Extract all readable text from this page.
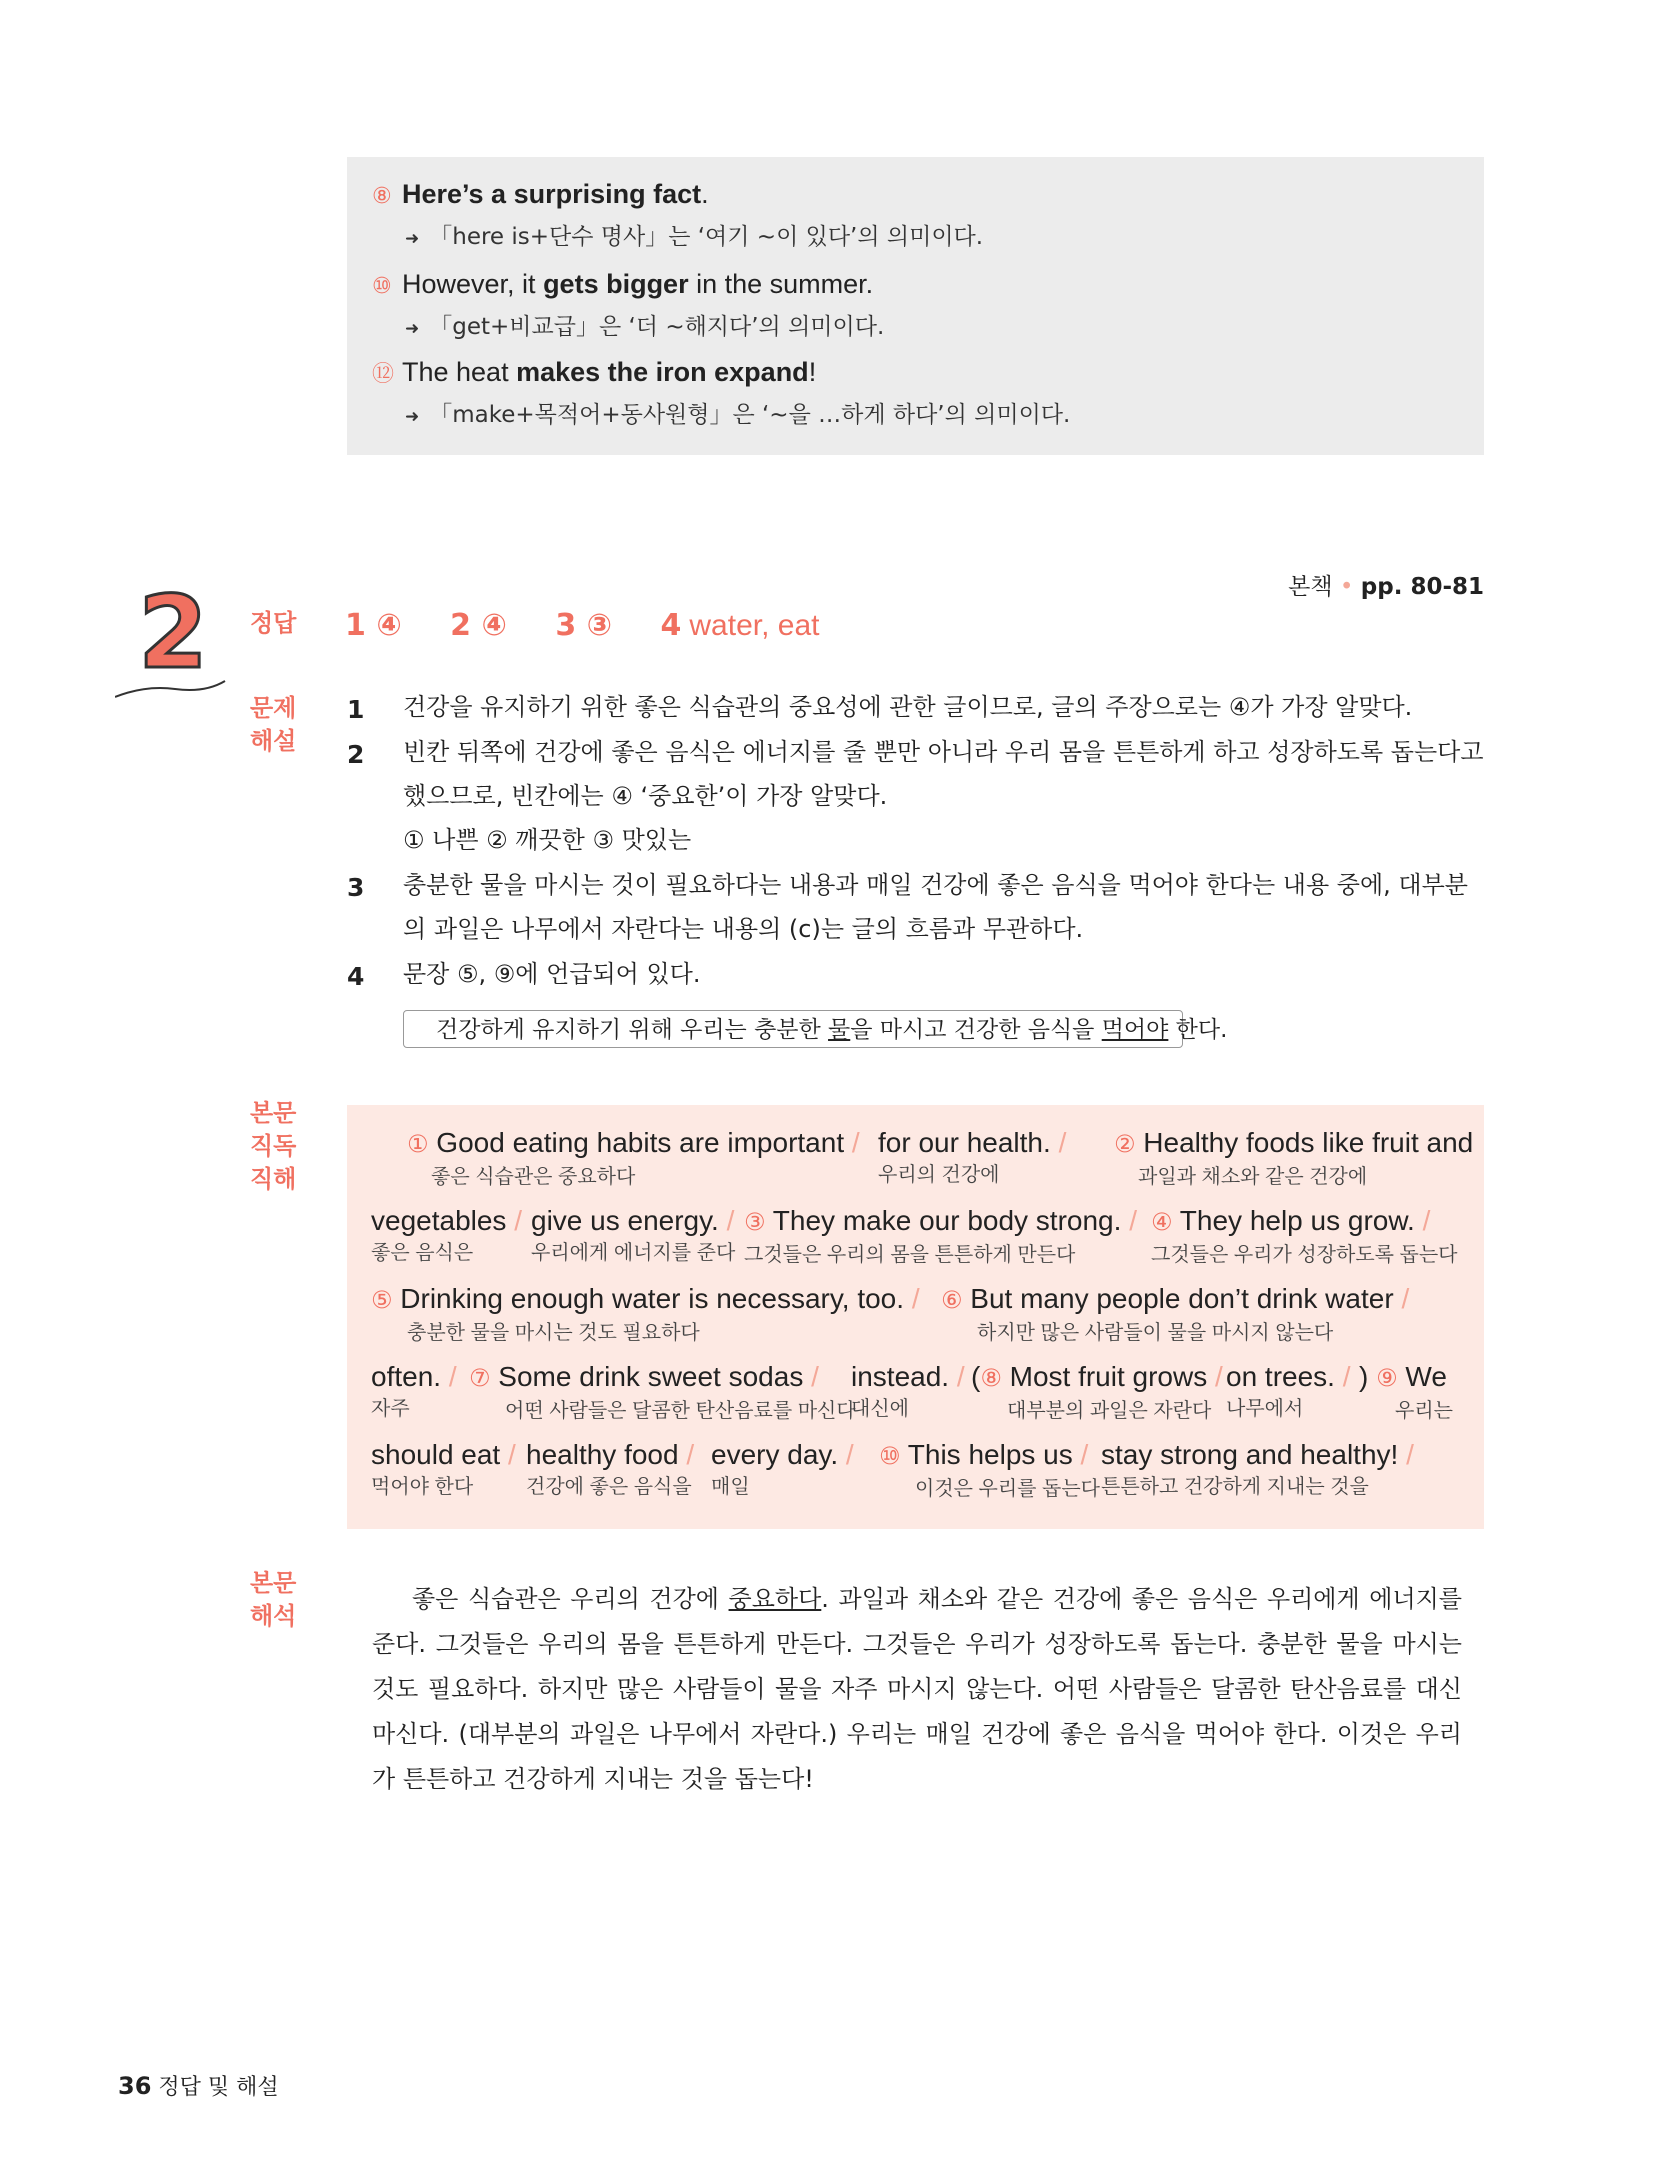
⑧ Here’s a surprising fact.
➜ 「here is+단수 명사」는 ‘여기 ~이 있다’의 의미이다.
⑩ However, it gets bigger in the summer.
➜ 「get+비교급」은 ‘더 ~해지다’의 의미이다.
⑫ The heat makes the iron expand!
➜ 「make+목적어+동사원형」은 ‘~을 …하게 하다’의 의미이다.
본책 • pp. 80-81
2 정답 1 ④ 2 ④ 3 ③ 4 water, eat
문제
해설
1 건강을 유지하기 위한 좋은 식습관의 중요성에 관한 글이므로, 글의 주장으로는 ④가 가장 알맞다.
2 빈칸 뒤쪽에 건강에 좋은 음식은 에너지를 줄 뿐만 아니라 우리 몸을 튼튼하게 하고 성장하도록 돕는다고 했으므로, 빈칸에는 ④ ‘중요한’이 가장 알맞다.
① 나쁜 ② 깨끗한 ③ 맛있는
3 충분한 물을 마시는 것이 필요하다는 내용과 매일 건강에 좋은 음식을 먹어야 한다는 내용 중에, 대부분의 과일은 나무에서 자란다는 내용의 (c)는 글의 흐름과 무관하다.
4 문장 ⑤, ⑨에 언급되어 있다.
건강하게 유지하기 위해 우리는 충분한 물을 마시고 건강한 음식을 먹어야 한다.
본문
직독
직해
① Good eating habits are important /
좋은 식습관은 중요하다
for our health. /
우리의 건강에
② Healthy foods like fruit and
과일과 채소와 같은 건강에
vegetables /
좋은 음식은
give us energy. /
우리에게 에너지를 준다
③ They make our body strong. /
그것들은 우리의 몸을 튼튼하게 만든다
④ They help us grow. /
그것들은 우리가 성장하도록 돕는다
⑤ Drinking enough water is necessary, too. /
충분한 물을 마시는 것도 필요하다
⑥ But many people don’t drink water /
하지만 많은 사람들이 물을 마시지 않는다
often. /
자주
⑦ Some drink sweet sodas /
어떤 사람들은 달콤한 탄산음료를 마신다
instead. /
대신에
(⑧ Most fruit grows /
대부분의 과일은 자란다
on trees. /
나무에서
) ⑨ We
우리는
should eat /
먹어야 한다
healthy food /
건강에 좋은 음식을
every day. /
매일
⑩ This helps us /
이것은 우리를 돕는다
stay strong and healthy! /
튼튼하고 건강하게 지내는 것을
본문
해석
좋은 식습관은 우리의 건강에 중요하다. 과일과 채소와 같은 건강에 좋은 음식은 우리에게 에너지를 준다. 그것들은 우리의 몸을 튼튼하게 만든다. 그것들은 우리가 성장하도록 돕는다. 충분한 물을 마시는 것도 필요하다. 하지만 많은 사람들이 물을 자주 마시지 않는다. 어떤 사람들은 달콤한 탄산음료를 대신 마신다. (대부분의 과일은 나무에서 자란다.) 우리는 매일 건강에 좋은 음식을 먹어야 한다. 이것은 우리가 튼튼하고 건강하게 지내는 것을 돕는다!
36 정답 및 해설
